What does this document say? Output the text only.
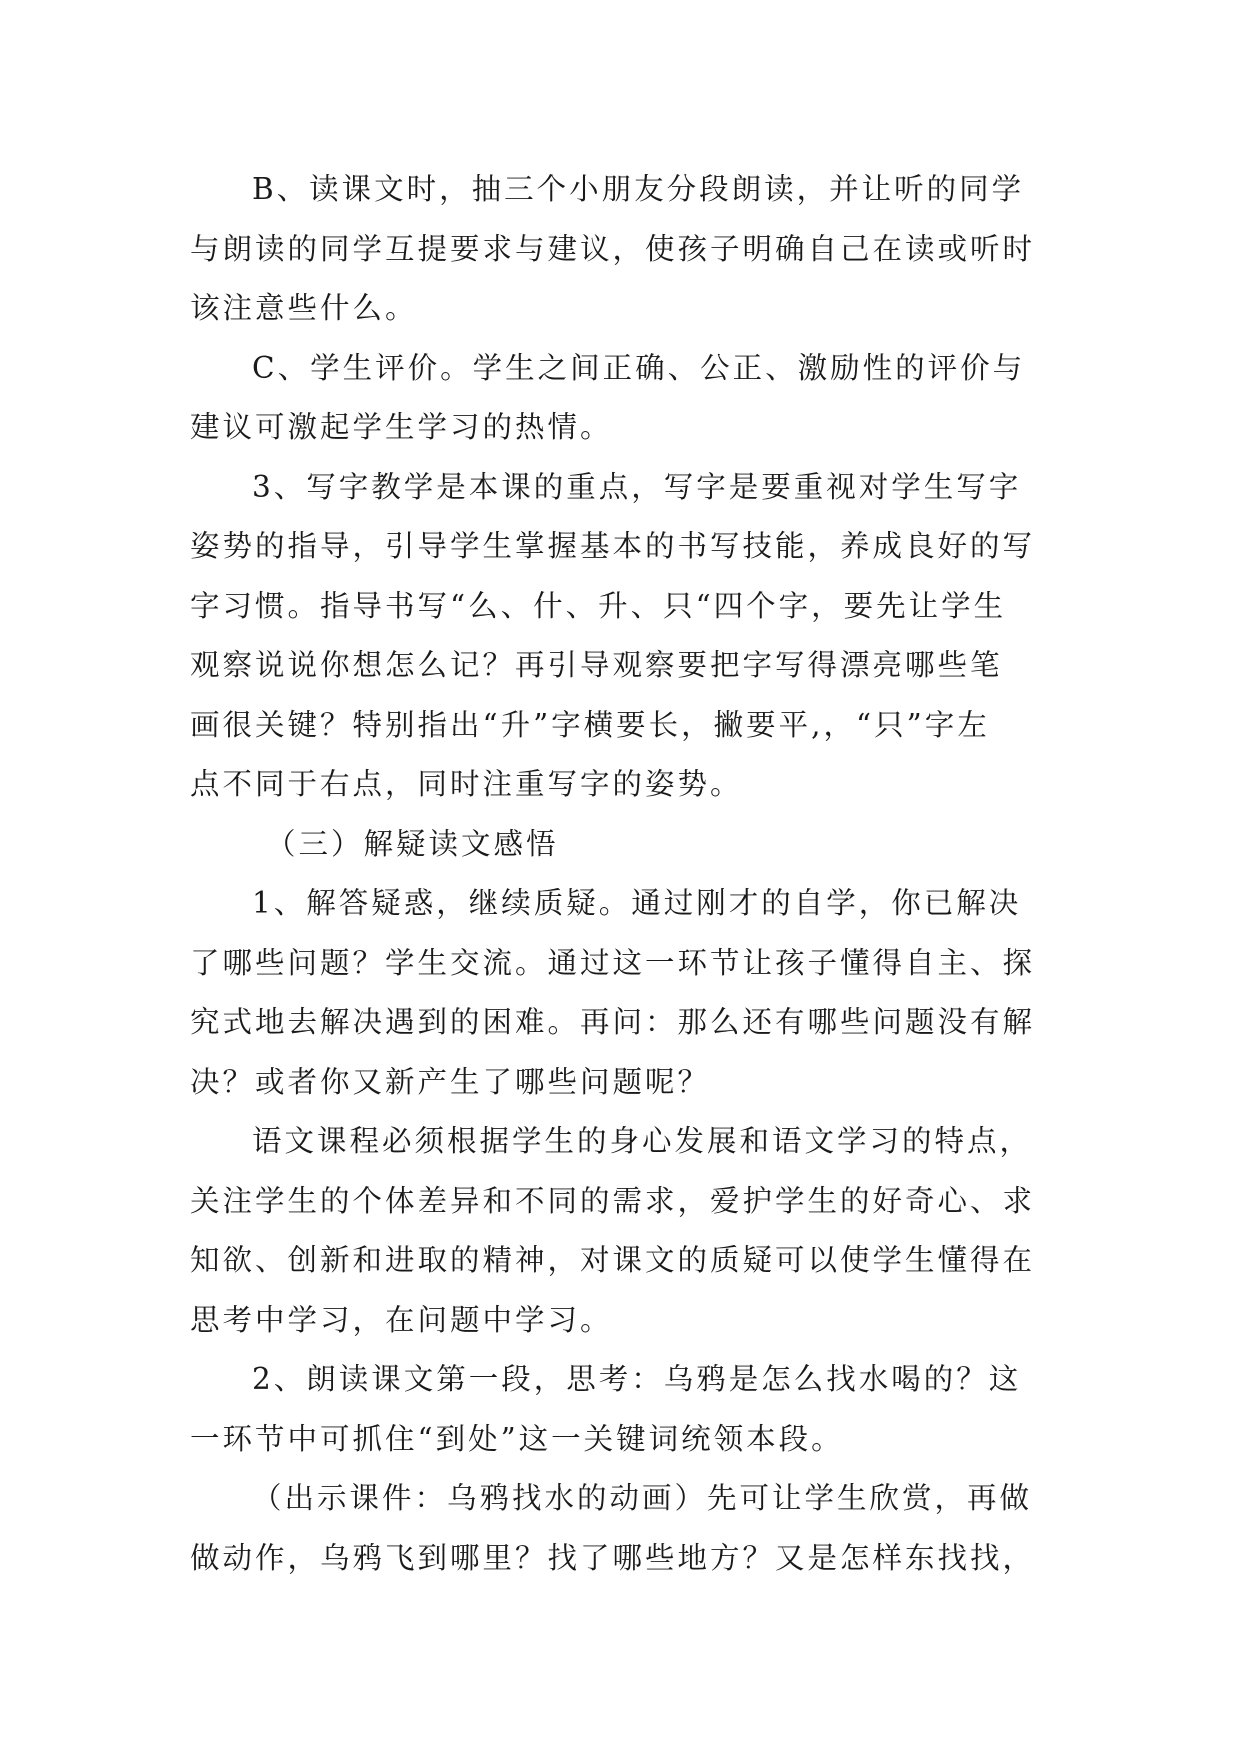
B、读课文时，抽三个小朋友分段朗读，并让听的同学
与朗读的同学互提要求与建议，使孩子明确自己在读或听时
该注意些什么。
C、学生评价。学生之间正确、公正、激励性的评价与
建议可激起学生学习的热情。
3、写字教学是本课的重点，写字是要重视对学生写字
姿势的指导，引导学生掌握基本的书写技能，养成良好的写
字习惯。指导书写“么、什、升、只“四个字，要先让学生
观察说说你想怎么记？再引导观察要把字写得漂亮哪些笔
画很关键？特别指出“升”字横要长，撇要平,，“只”字左
点不同于右点，同时注重写字的姿势。
（三）解疑读文感悟
1、解答疑惑，继续质疑。通过刚才的自学，你已解决
了哪些问题？学生交流。通过这一环节让孩子懂得自主、探
究式地去解决遇到的困难。再问：那么还有哪些问题没有解
决？或者你又新产生了哪些问题呢？
语文课程必须根据学生的身心发展和语文学习的特点，
关注学生的个体差异和不同的需求，爱护学生的好奇心、求
知欲、创新和进取的精神，对课文的质疑可以使学生懂得在
思考中学习，在问题中学习。
2、朗读课文第一段，思考：乌鸦是怎么找水喝的？这
一环节中可抓住“到处”这一关键词统领本段。
（出示课件：乌鸦找水的动画）先可让学生欣赏，再做
做动作，乌鸦飞到哪里？找了哪些地方？又是怎样东找找，
